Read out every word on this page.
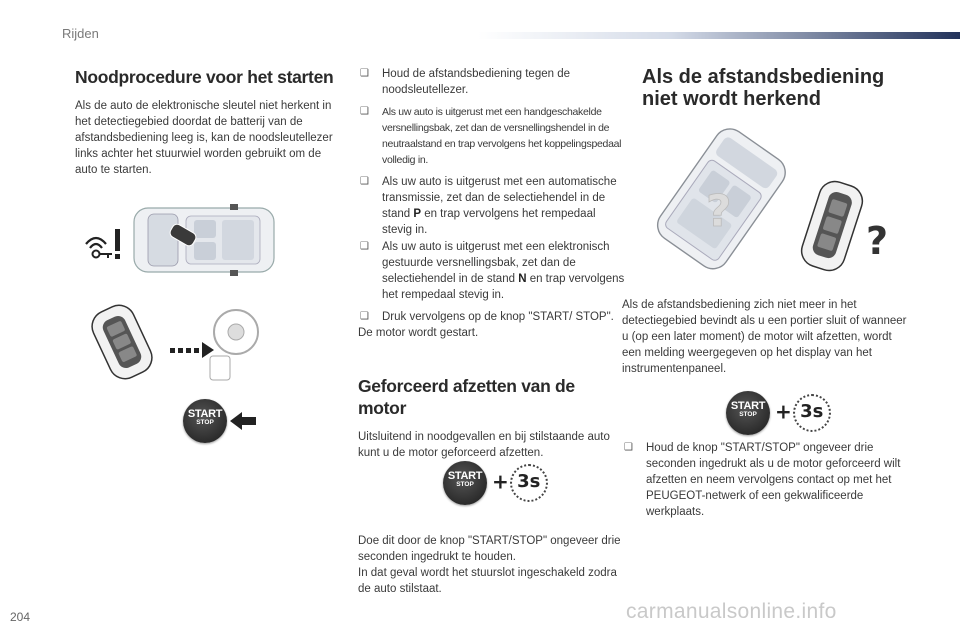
Rijden
Noodprocedure voor het starten

Als de auto de elektronische sleutel niet herkent in het detectiegebied doordat de batterij van de afstandsbediening leeg is, kan de noodsleutellezer links achter het stuurwiel worden gebruikt om de auto te starten.

START
STOP

❑ Houd de afstandsbediening tegen de noodsleutellezer.

❑ Als uw auto is uitgerust met een handgeschakelde versnellingsbak, zet dan de versnellingshendel in de neutraalstand en trap vervolgens het koppelingspedaal volledig in.

❑ Als uw auto is uitgerust met een automatische transmissie, zet dan de selectiehendel in de stand P en trap vervolgens het rempedaal stevig in.

❑ Als uw auto is uitgerust met een elektronisch gestuurde versnellingsbak, zet dan de selectiehendel in de stand N en trap vervolgens het rempedaal stevig in.

❑ Druk vervolgens op de knop "START/ STOP".

De motor wordt gestart.

Geforceerd afzetten van de motor

Uitsluitend in noodgevallen en bij stilstaande auto kunt u de motor geforceerd afzetten.

Doe dit door de knop "START/STOP" ongeveer drie seconden ingedrukt te houden.

In dat geval wordt het stuurslot ingeschakeld zodra de auto stilstaat.

START
STOP + 3s
Als de afstandsbediening niet wordt herkend
?
?

Als de afstandsbediening zich niet meer in het detectiegebied bevindt als u een portier sluit of wanneer u (op een later moment) de motor wilt afzetten, wordt een melding weergegeven op het display van het instrumentenpaneel.

START
STOP + 3s

❑ Houd de knop "START/STOP" ongeveer drie seconden ingedrukt als u de motor geforceerd wilt afzetten en neem vervolgens contact op met het PEUGEOT-netwerk of een gekwalificeerde werkplaats.

204	carmanualsonline.info
